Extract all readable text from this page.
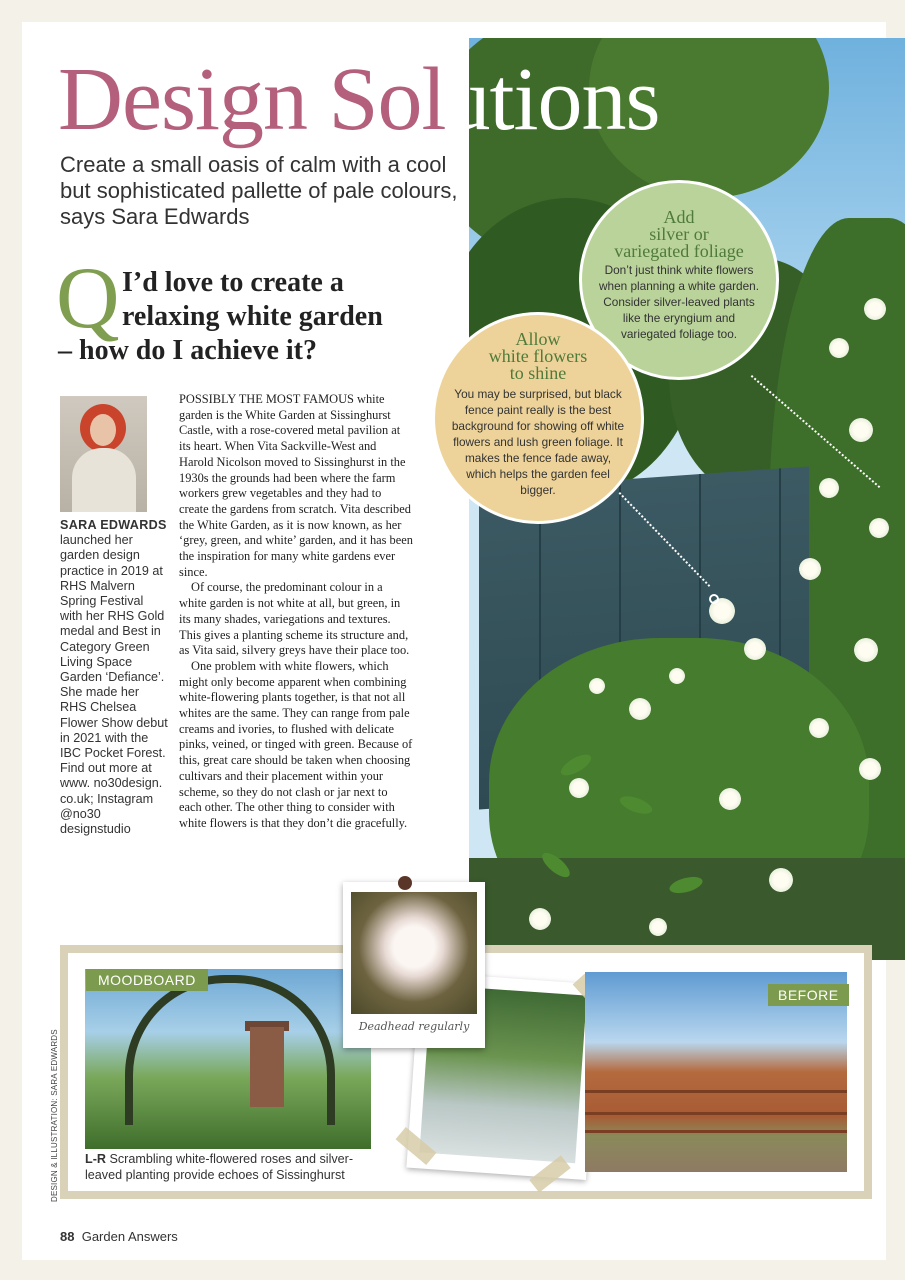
Design Solutions
Create a small oasis of calm with a cool but sophisticated pallette of pale colours, says Sara Edwards
Q I’d love to create a
relaxing white garden
– how do I achieve it?
SARA EDWARDS
launched her garden design practice in 2019 at RHS Malvern Spring Festival with her RHS Gold medal and Best in Category Green Living Space Garden ‘Defiance’. She made her RHS Chelsea Flower Show debut in 2021 with the IBC Pocket Forest. Find out more at www. no30design. co.uk; Instagram @no30 designstudio

POSSIBLY THE MOST FAMOUS white garden is the White Garden at Sissinghurst Castle, with a rose-covered metal pavilion at its heart. When Vita Sackville-West and Harold Nicolson moved to Sissinghurst in the 1930s the grounds had been where the farm workers grew vegetables and they had to create the gardens from scratch. Vita described the White Garden, as it is now known, as her ‘grey, green, and white’ garden, and it has been the inspiration for many white gardens ever since.

Of course, the predominant colour in a white garden is not white at all, but green, in its many shades, variegations and textures. This gives a planting scheme its structure and, as Vita said, silvery greys have their place too.

One problem with white flowers, which might only become apparent when combining white-flowering plants together, is that not all whites are the same. They can range from pale creams and ivories, to flushed with delicate pinks, veined, or tinged with green. Because of this, great care should be taken when choosing cultivars and their placement within your scheme, so they do not clash or jar next to each other. The other thing to consider with white flowers is that they don’t die gracefully.

Add
silver or
variegated foliage

Don’t just think white flowers when planning a white garden. Consider silver-leaved plants like the eryngium and variegated foliage too.

Allow
white flowers
to shine

You may be surprised, but black fence paint really is the best background for showing off white flowers and lush green foliage. It makes the fence fade away, which helps the garden feel bigger.

MOODBOARD
L-R Scrambling white-flowered roses and silver-leaved planting provide echoes of Sissinghurst
Deadhead regularly
BEFORE
DESIGN & ILLUSTRATION: SARA EDWARDS
88 Garden Answers
